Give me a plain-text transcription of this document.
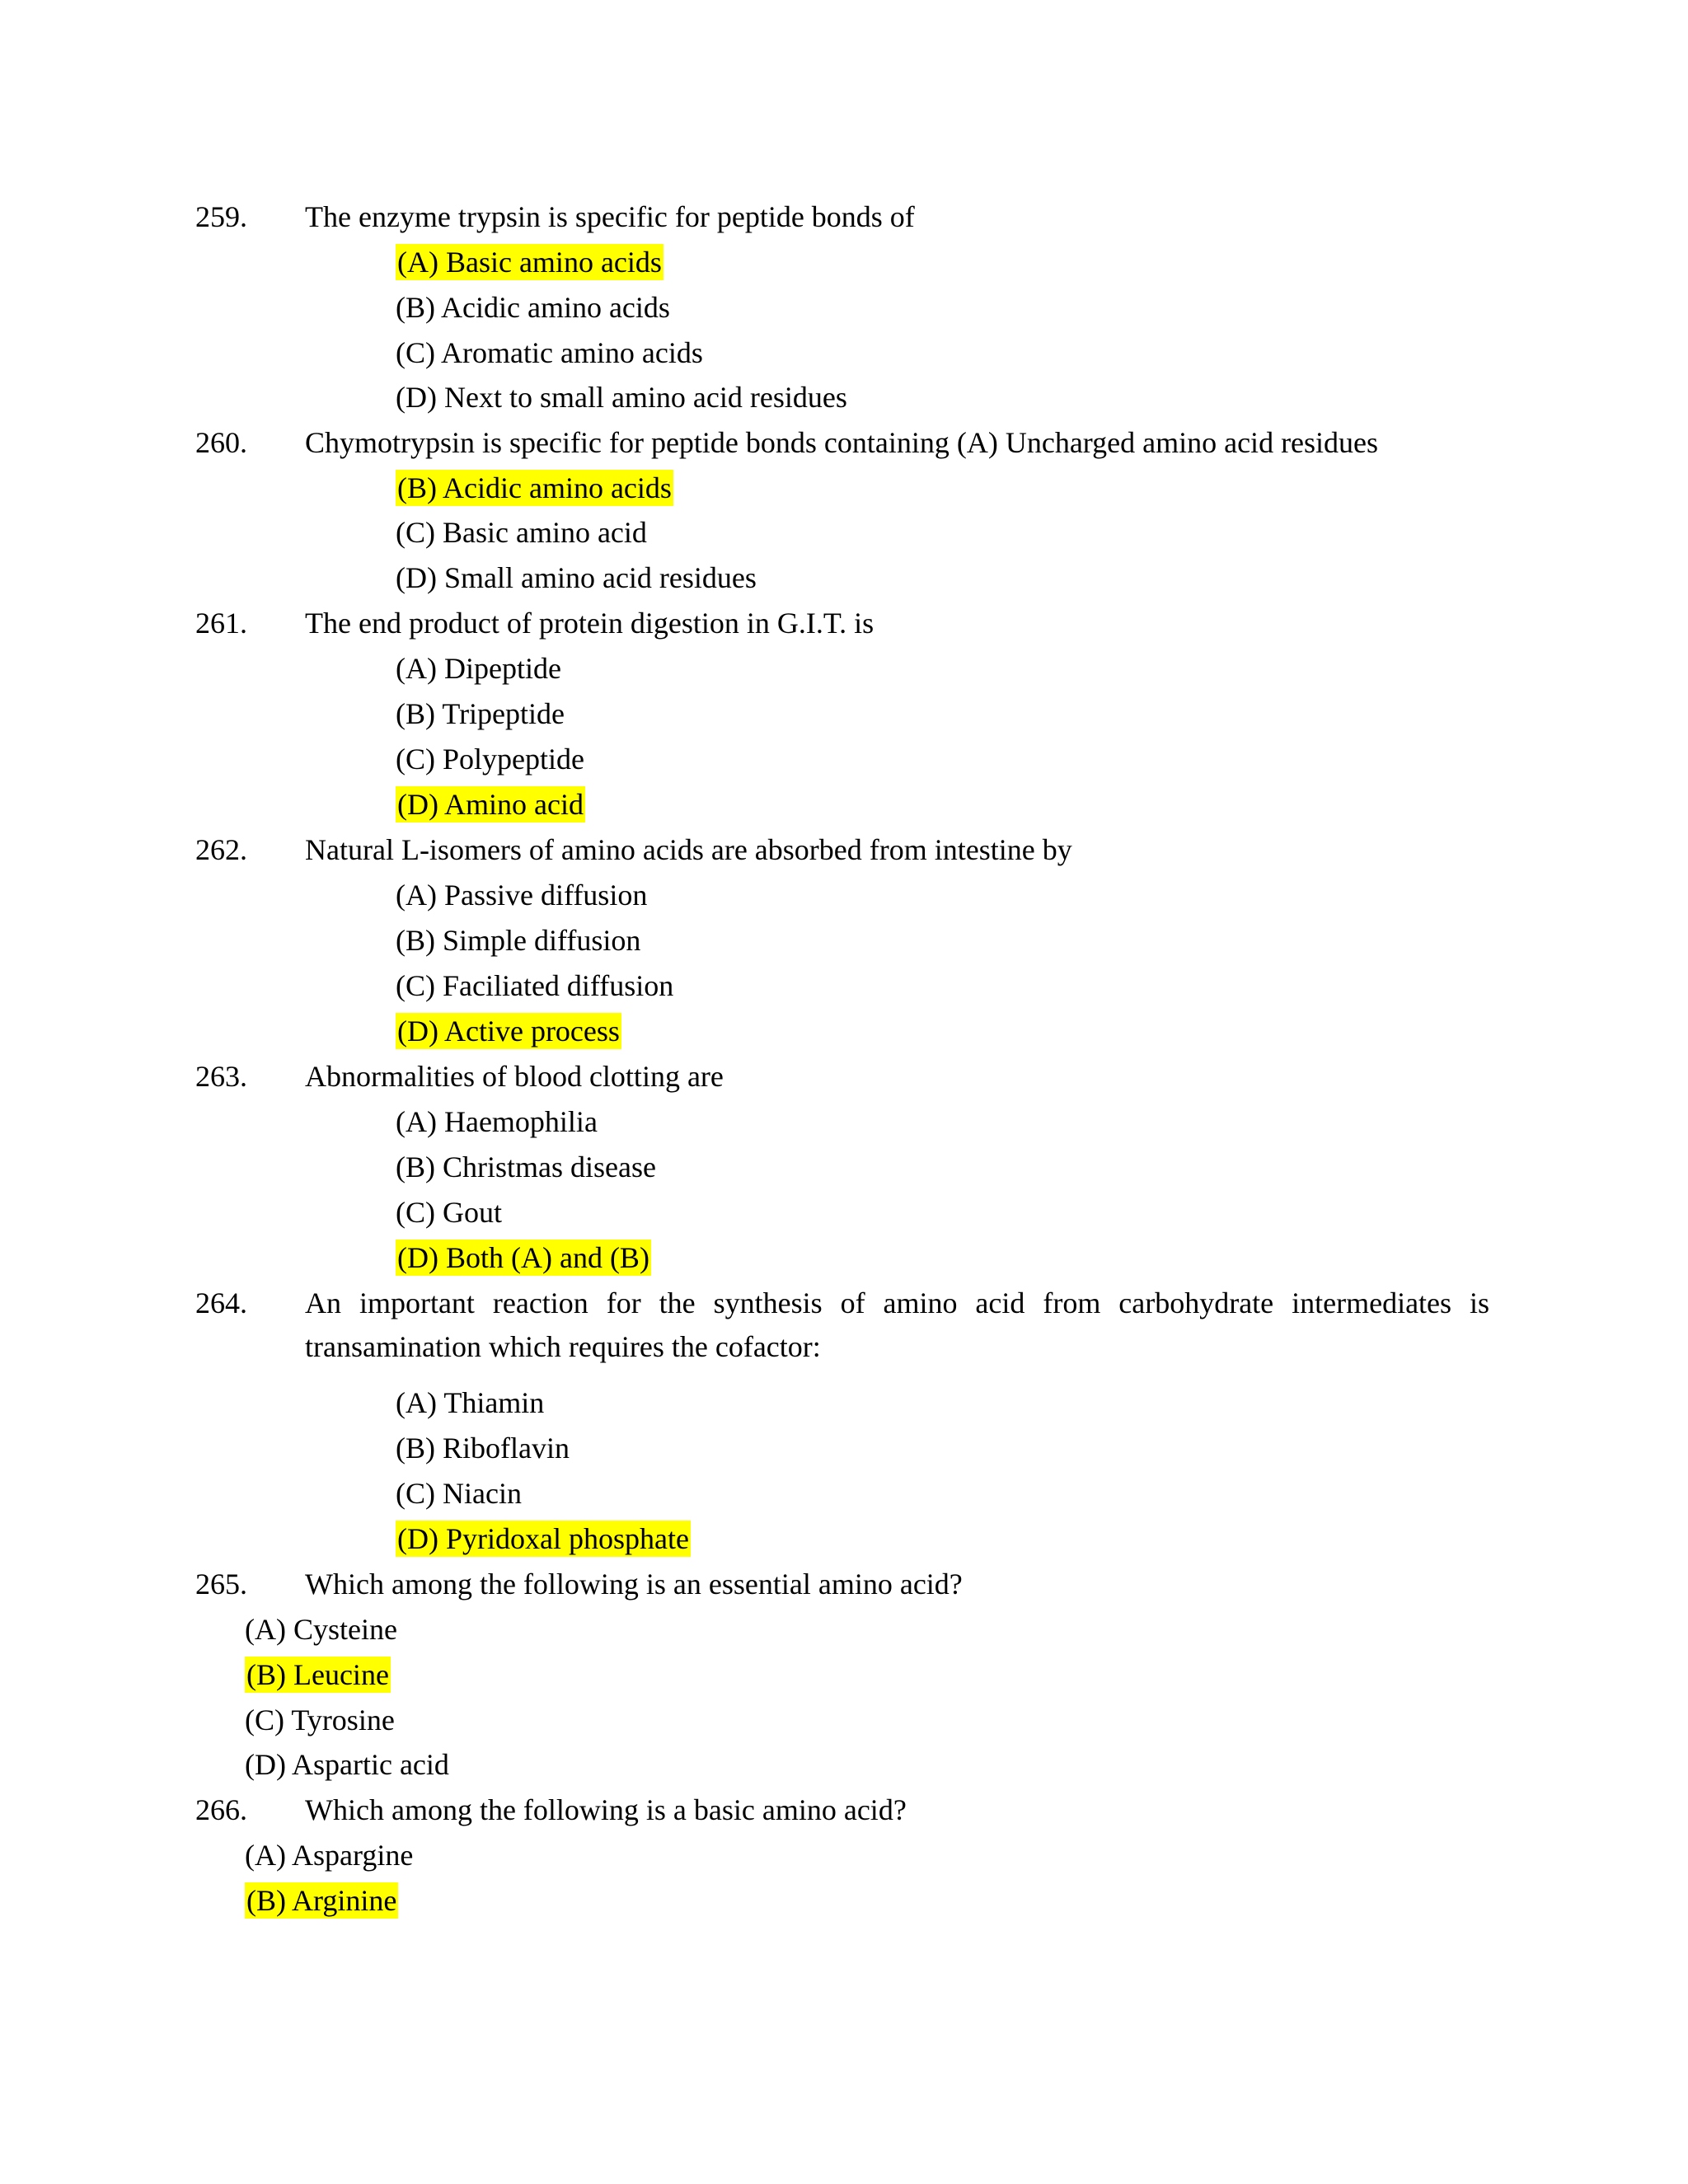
259.	The enzyme trypsin is specific for peptide bonds of
(A) Basic amino acids
(B) Acidic amino acids
(C) Aromatic amino acids
(D) Next to small amino acid residues
260.	Chymotrypsin is specific for peptide bonds containing (A) Uncharged amino acid residues
(B) Acidic amino acids
(C) Basic amino acid
(D) Small amino acid residues
261.	The end product of protein digestion in G.I.T. is
(A) Dipeptide
(B) Tripeptide
(C) Polypeptide
(D) Amino acid
262.	Natural L-isomers of amino acids are absorbed from intestine by
(A) Passive diffusion
(B) Simple diffusion
(C) Faciliated diffusion
(D) Active process
263.	Abnormalities of blood clotting are
(A) Haemophilia
(B) Christmas disease
(C) Gout
(D) Both (A) and (B)
264.	An important reaction for the synthesis of amino acid from carbohydrate intermediates is
transamination which requires the cofactor:
(A) Thiamin
(B) Riboflavin
(C) Niacin
(D) Pyridoxal phosphate
265.	Which among the following is an essential amino acid?
(A) Cysteine
(B) Leucine
(C) Tyrosine
(D) Aspartic acid
266.	Which among the following is a basic amino acid?
(A) Aspargine
(B) Arginine
